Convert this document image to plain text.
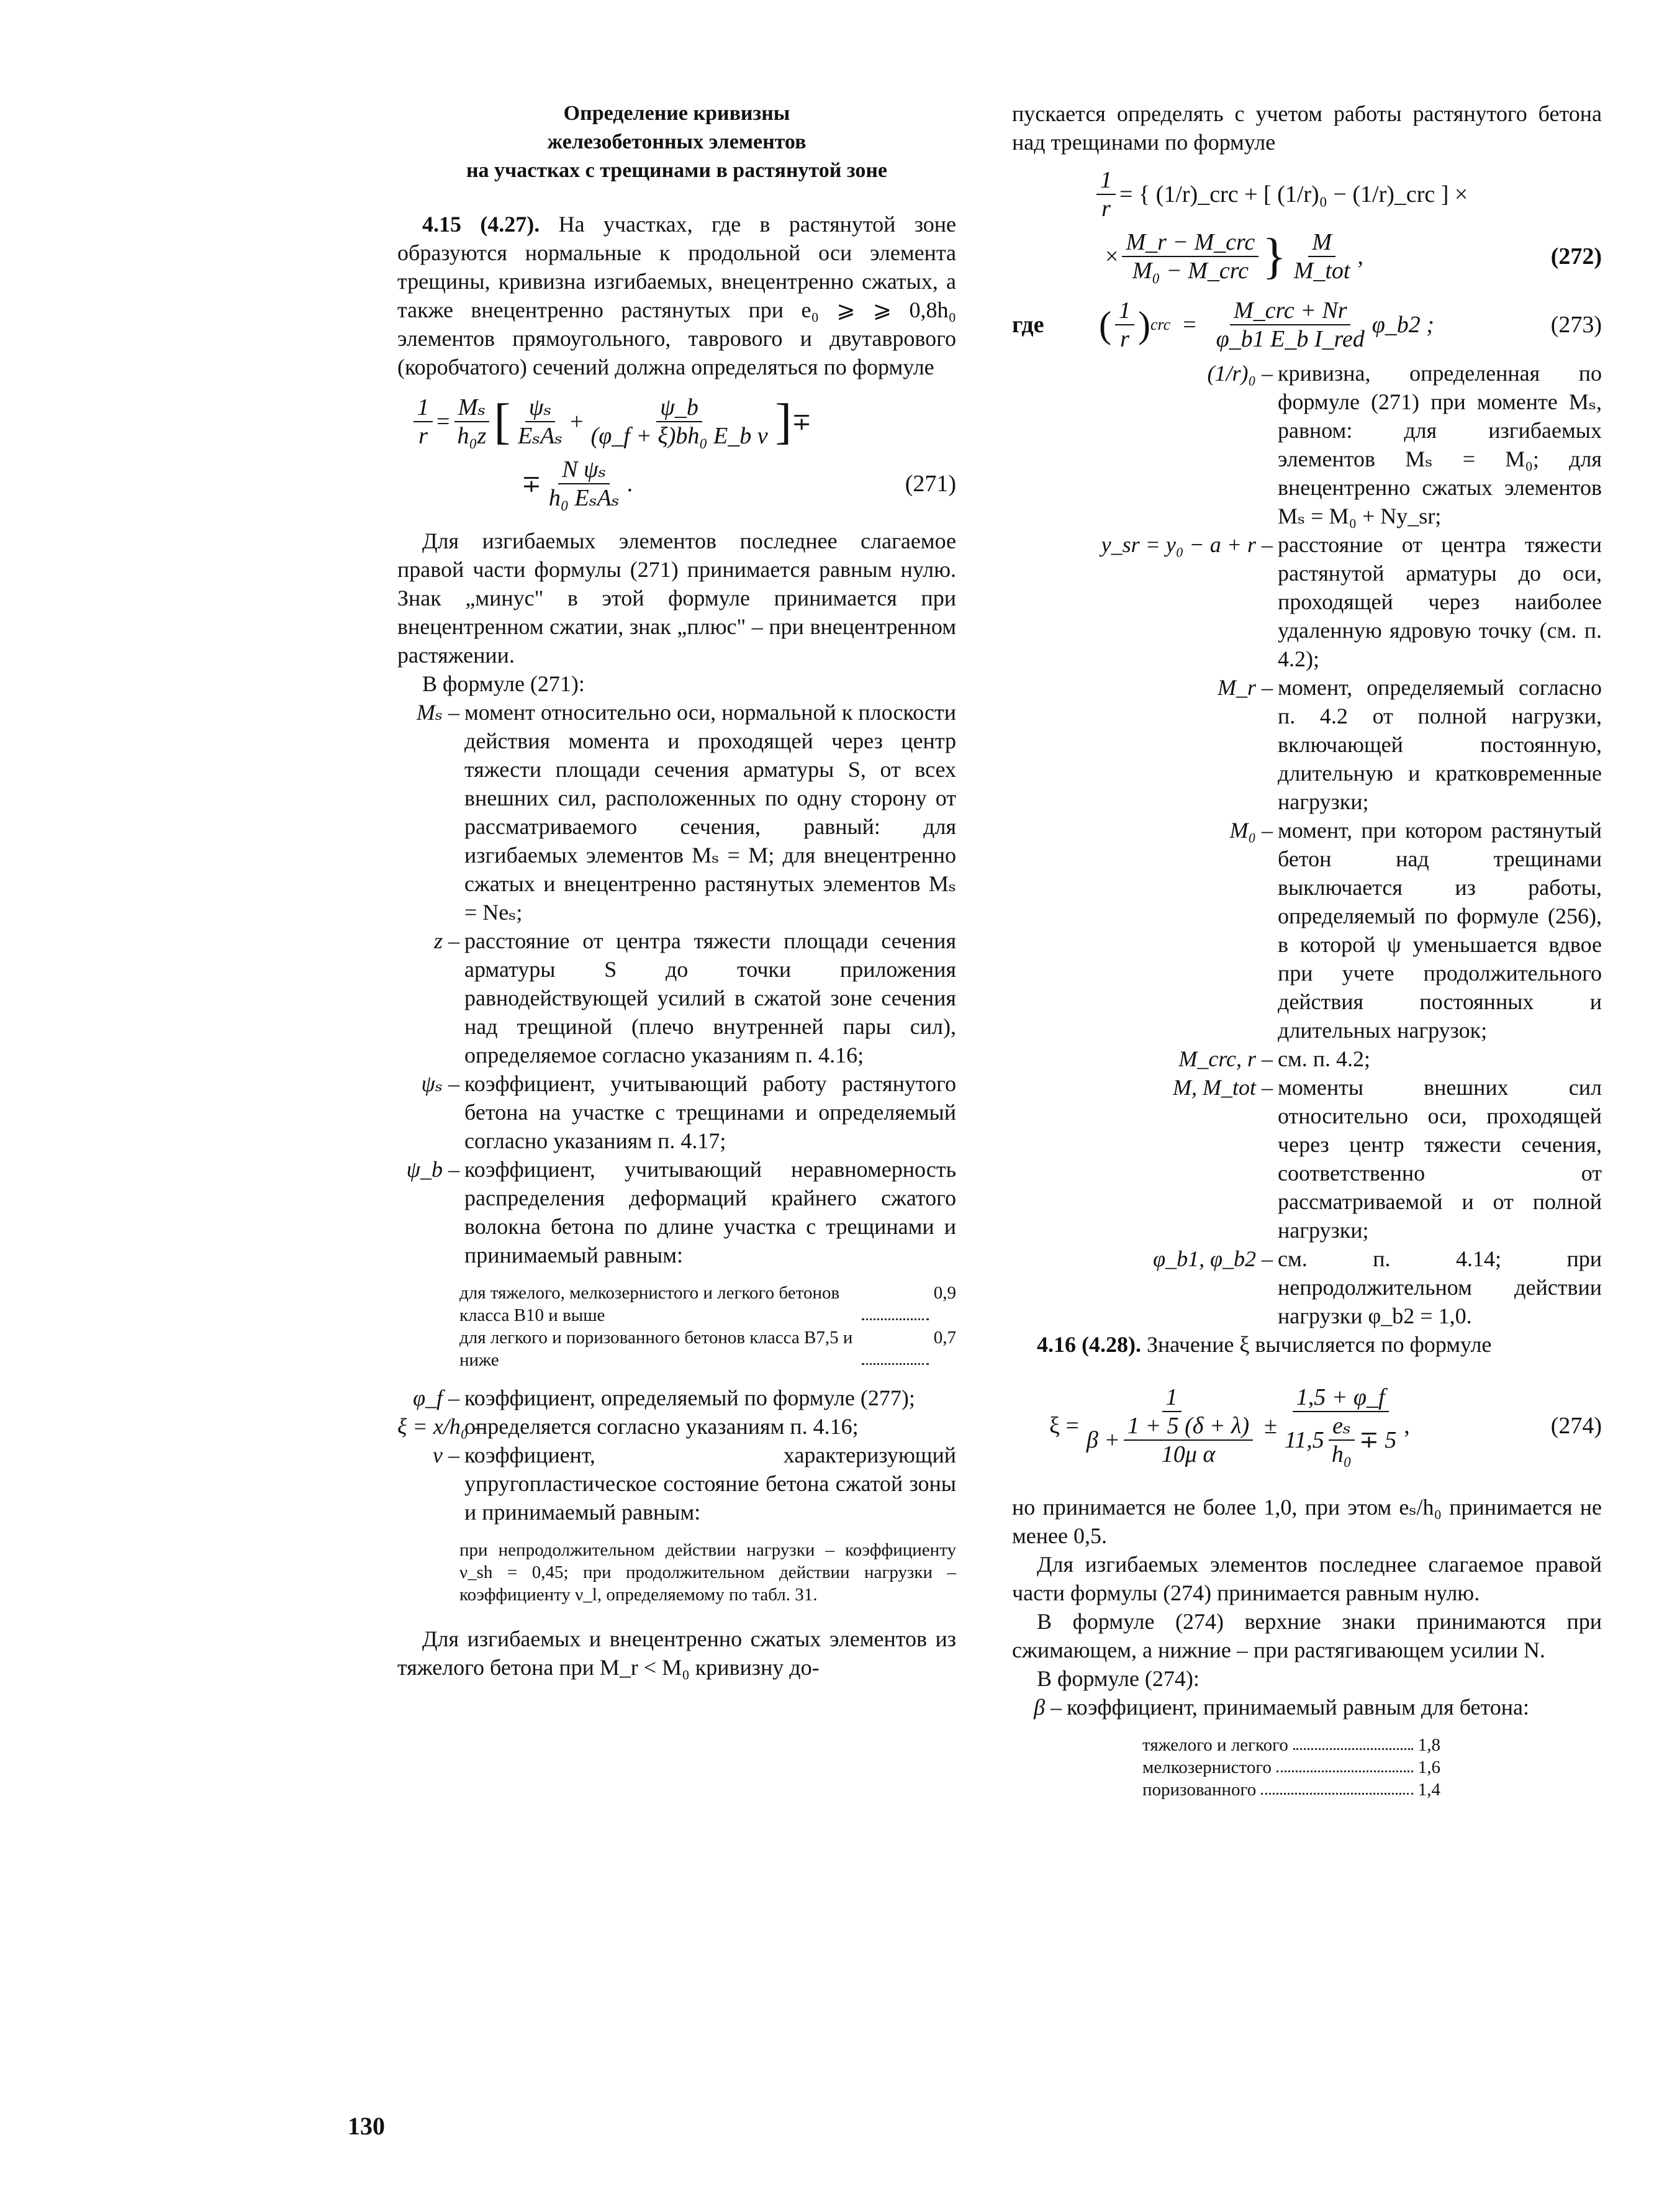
Определение кривизны
железобетонных элементов
на участках с трещинами в растянутой зоне

4.15 (4.27). На участках, где в растянутой зоне образуются нормальные к продольной оси элемента трещины, кривизна изгибаемых, внецентренно сжатых, а также внецентренно растянутых при e₀ ⩾ ⩾ 0,8h₀ элементов прямоугольного, таврового и двутаврового (коробчатого) сечений должна определяться по формуле

$\frac{1}{r} = \frac{\text{Mₛ}}{\text{h₀z}}$ [ $\frac{\text{ψₛ}}{\text{EₛAₛ}} + \frac{\psi\_b}{\text{(φ\_f + ξ)bh₀ E\_b ν}}$ ] ∓
∓ $\frac{\text{N ψₛ}}{\text{h₀ EₛAₛ}}$ .	(271)

Для изгибаемых элементов последнее слагаемое правой части формулы (271) принимается равным нулю. Знак „минус" в этой формуле принимается при внецентренном сжатии, знак „плюс" – при внецентренном растяжении.

В формуле (271):

Mₛ – момент относительно оси, нормальной к плоскости действия момента и проходящей через центр тяжести площади сечения арматуры S, от всех внешних сил, расположенных по одну сторону от рассматриваемого сечения, равный: для изгибаемых элементов Mₛ = M; для внецентренно сжатых и внецентренно растянутых элементов Mₛ = Neₛ;
z – расстояние от центра тяжести площади сечения арматуры S до точки приложения равнодействующей усилий в сжатой зоне сечения над трещиной (плечо внутренней пары сил), определяемое согласно указаниям п. 4.16;
ψₛ – коэффициент, учитывающий работу растянутого бетона на участке с трещинами и определяемый согласно указаниям п. 4.17;
ψ_b – коэффициент, учитывающий неравномерность распределения деформаций крайнего сжатого волокна бетона по длине участка с трещинами и принимаемый равным:
для тяжелого, мелкозернистого и легкого бетонов класса B10 и выше
0,9
для легкого и поризованного бетонов класса B7,5 и ниже
0,7
φ_f – коэффициент, определяемый по формуле (277);
ξ = x/h₀ –
определяется согласно указаниям п. 4.16;
ν – коэффициент, характеризующий упругопластическое состояние бетона сжатой зоны и принимаемый равным:

при непродолжительном действии нагрузки – коэффициенту ν_sh = 0,45; при продолжительном действии нагрузки – коэффициенту ν_l, определяемому по табл. 31.

Для изгибаемых и внецентренно сжатых элементов из тяжелого бетона при M_r < M₀ кривизну до-

130

пускается определять с учетом работы растянутого бетона над трещинами по формуле

$\frac{1}{r}$ = { (1/r)_crc + [ (1/r)₀ − (1/r)_crc ] ×
× $\frac{\text{M\_r − M\_crc}}{\text{M₀ − M\_crc}}$ } $\frac{M}{\text{M\_tot}}$ ,	(272)
где	( $\frac{1}{r}$ ) crc = $\frac{\text{M\_crc + Nr}}{\text{φ\_b1 E\_b I\_red}}$ φ_b2 ;	(273)
(1/r)₀ – кривизна, определенная по формуле (271) при моменте Mₛ, равном: для изгибаемых элементов Mₛ = M₀; для внецентренно сжатых элементов Mₛ = M₀ + Ny_sr;
y_sr = y₀ − a + r – расстояние от центра тяжести растянутой арматуры до оси, проходящей через наиболее удаленную ядровую точку (см. п. 4.2);
M_r – момент, определяемый согласно п. 4.2 от полной нагрузки, включающей постоянную, длительную и кратковременные нагрузки;
M₀ – момент, при котором растянутый бетон над трещинами выключается из работы, определяемый по формуле (256), в которой ψ уменьшается вдвое при учете продолжительного действия постоянных и длительных нагрузок;
M_crc, r – см. п. 4.2;
M, M_tot – моменты внешних сил относительно оси, проходящей через центр тяжести сечения, соответственно от рассматриваемой и от полной нагрузки;
φ_b1, φ_b2 – см. п. 4.14; при непродолжительном действии нагрузки φ_b2 = 1,0.

4.16 (4.28). Значение ξ вычисляется по формуле

$\xi = \frac{1}{\beta + \frac{1 + 5 (\delta + \lambda)}{\text{10μ α}}} \pm \frac{1,5 + \varphi\_f}{11,5 \frac{\text{eₛ}}{\text{h₀}} \mp 5}$ ,	(274)

но принимается не более 1,0, при этом eₛ/h₀ принимается не менее 0,5.

Для изгибаемых элементов последнее слагаемое правой части формулы (274) принимается равным нулю.

В формуле (274) верхние знаки принимаются при сжимающем, а нижние – при растягивающем усилии N.

В формуле (274):

β – коэффициент, принимаемый равным для бетона:
тяжелого и легкого	1,8
мелкозернистого	1,6
поризованного	1,4
